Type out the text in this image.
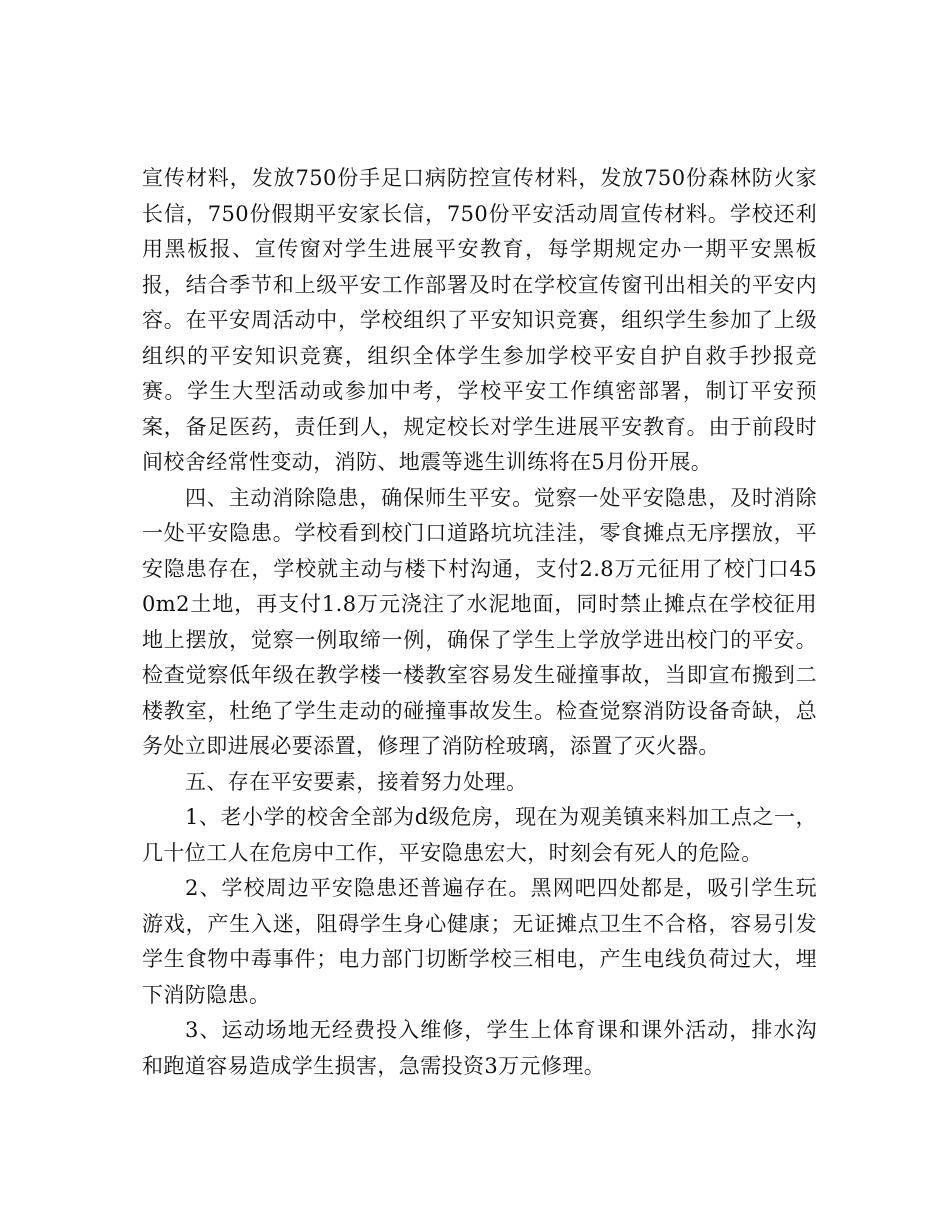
宣传材料，发放750份手足口病防控宣传材料，发放750份森林防火家长信，750份假期平安家长信，750份平安活动周宣传材料。学校还利用黑板报、宣传窗对学生进展平安教育，每学期规定办一期平安黑板报，结合季节和上级平安工作部署及时在学校宣传窗刊出相关的平安内容。在平安周活动中，学校组织了平安知识竞赛，组织学生参加了上级组织的平安知识竞赛，组织全体学生参加学校平安自护自救手抄报竞赛。学生大型活动或参加中考，学校平安工作缜密部署，制订平安预案，备足医药，责任到人，规定校长对学生进展平安教育。由于前段时间校舍经常性变动，消防、地震等逃生训练将在5月份开展。

四、主动消除隐患，确保师生平安。觉察一处平安隐患，及时消除一处平安隐患。学校看到校门口道路坑坑洼洼，零食摊点无序摆放，平安隐患存在，学校就主动与楼下村沟通，支付2.8万元征用了校门口450m2土地，再支付1.8万元浇注了水泥地面，同时禁止摊点在学校征用地上摆放，觉察一例取缔一例，确保了学生上学放学进出校门的平安。检查觉察低年级在教学楼一楼教室容易发生碰撞事故，当即宣布搬到二楼教室，杜绝了学生走动的碰撞事故发生。检查觉察消防设备奇缺，总务处立即进展必要添置，修理了消防栓玻璃，添置了灭火器。

五、存在平安要素，接着努力处理。

1、老小学的校舍全部为d级危房，现在为观美镇来料加工点之一，几十位工人在危房中工作，平安隐患宏大，时刻会有死人的危险。

2、学校周边平安隐患还普遍存在。黑网吧四处都是，吸引学生玩游戏，产生入迷，阻碍学生身心健康；无证摊点卫生不合格，容易引发学生食物中毒事件；电力部门切断学校三相电，产生电线负荷过大，埋下消防隐患。

3、运动场地无经费投入维修，学生上体育课和课外活动，排水沟和跑道容易造成学生损害，急需投资3万元修理。
